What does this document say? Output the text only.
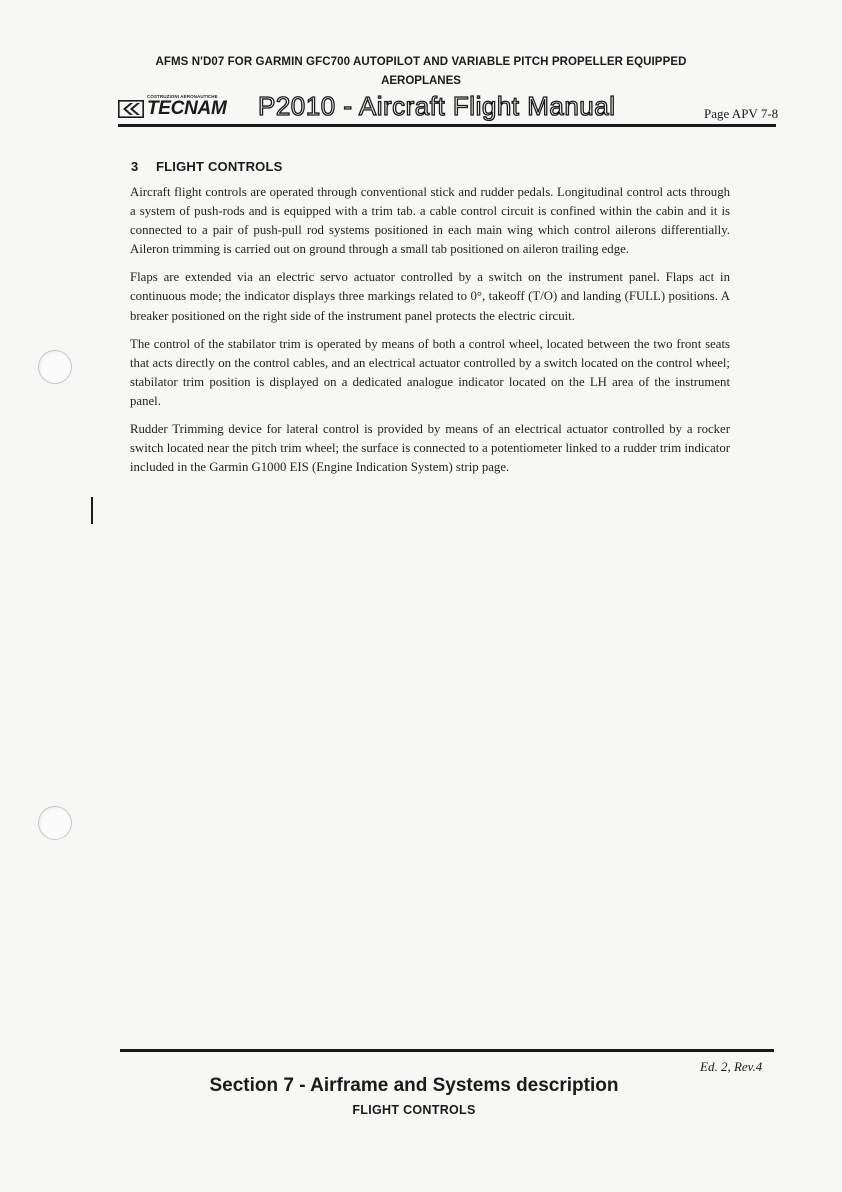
AFMS N'D07 FOR GARMIN GFC700 AUTOPILOT AND VARIABLE PITCH PROPELLER EQUIPPED
AEROPLANES
COSTRUZIONI AERONAUTICHE
TECNAM P2010 - Aircraft Flight Manual	Page APV 7-8
3 FLIGHT CONTROLS

Aircraft flight controls are operated through conventional stick and rudder pedals. Longitudinal control acts through a system of push-rods and is equipped with a trim tab. a cable control circuit is confined within the cabin and it is connected to a pair of push-pull rod systems positioned in each main wing which control ailerons differentially. Aileron trimming is carried out on ground through a small tab positioned on aileron trailing edge.

Flaps are extended via an electric servo actuator controlled by a switch on the instrument panel. Flaps act in continuous mode; the indicator displays three markings related to 0°, takeoff (T/O) and landing (FULL) positions. A breaker positioned on the right side of the instrument panel protects the electric circuit.

The control of the stabilator trim is operated by means of both a control wheel, located between the two front seats that acts directly on the control cables, and an electrical actuator controlled by a switch located on the control wheel; stabilator trim position is displayed on a dedicated analogue indicator located on the LH area of the instrument panel.

Rudder Trimming device for lateral control is provided by means of an electrical actuator controlled by a rocker switch located near the pitch trim wheel; the surface is connected to a potentiometer linked to a rudder trim indicator included in the Garmin G1000 EIS (Engine Indication System) strip page.

Ed. 2, Rev.4
Section 7 - Airframe and Systems description
FLIGHT CONTROLS
